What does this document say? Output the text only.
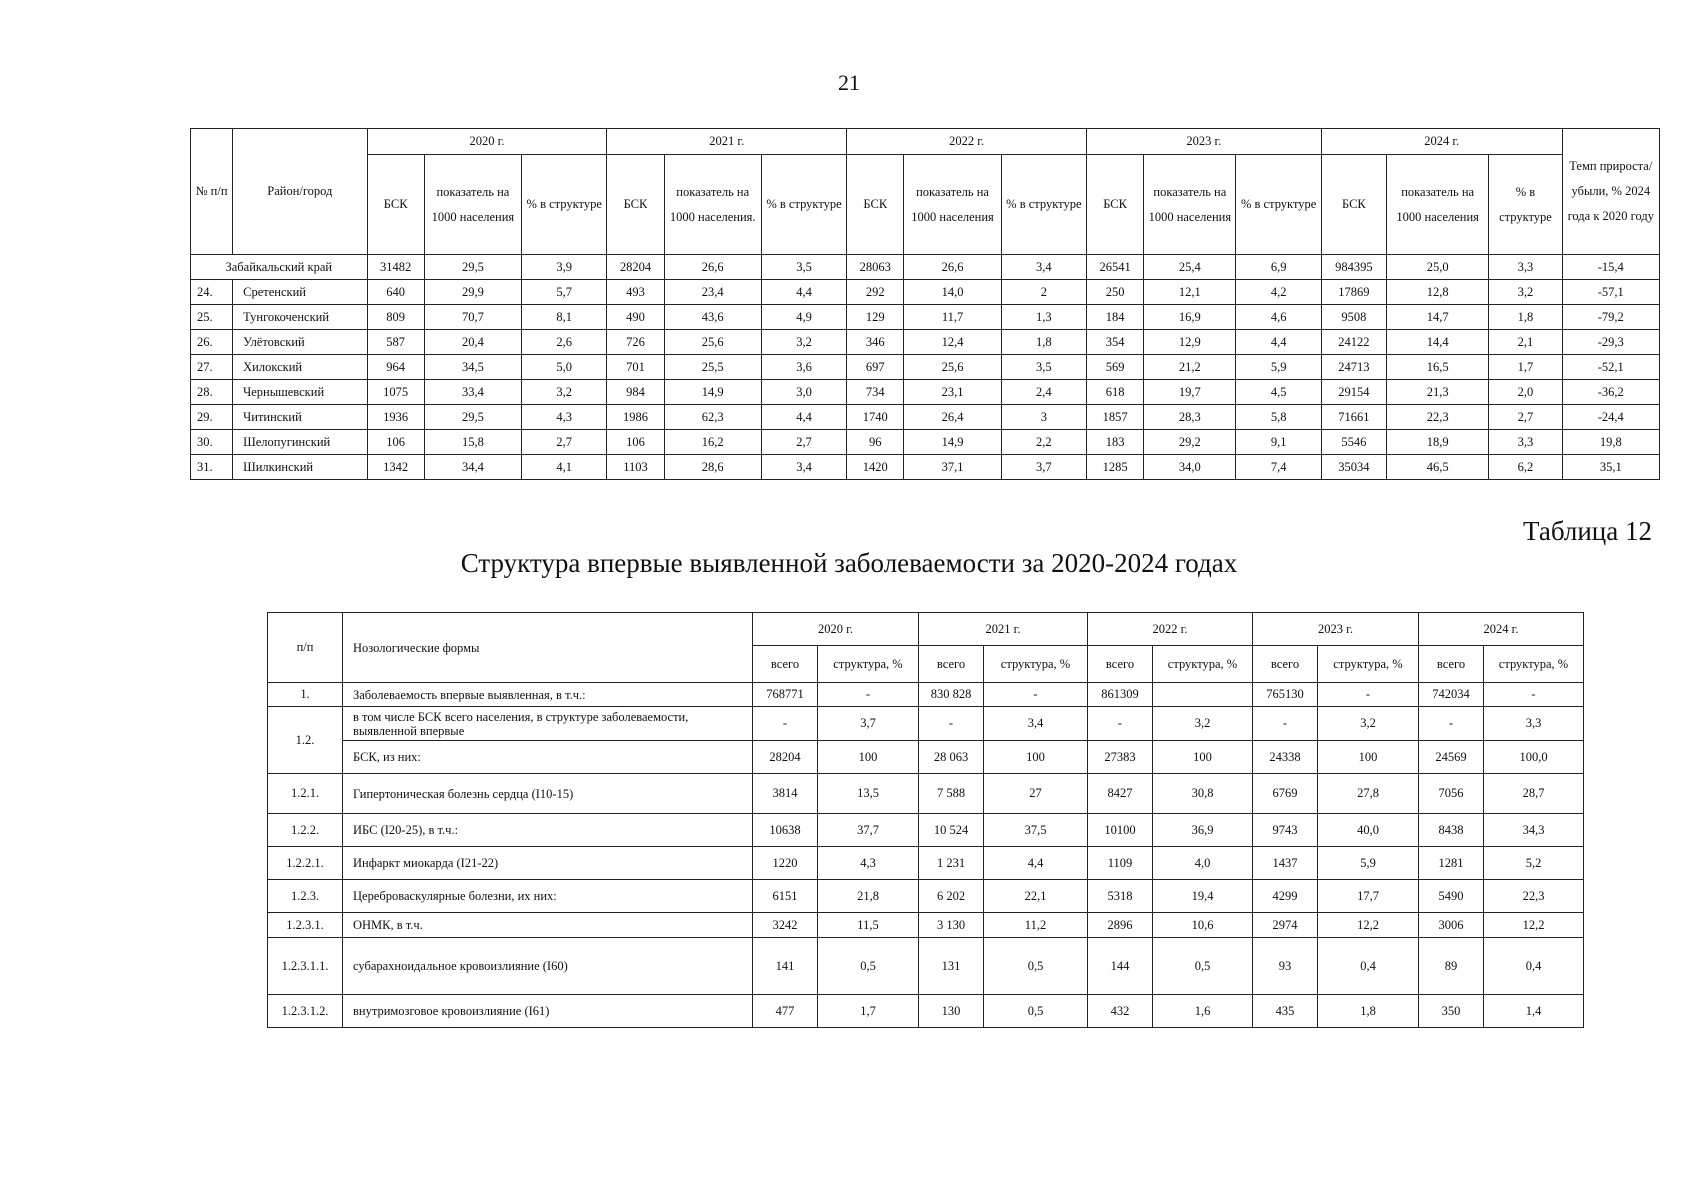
21
№ п/п	Район/город	2020 г.			2021 г.			2022 г.			2023 г.			2024 г.			Темп прироста/ убыли, % 2024 года к 2020 году
		БСК	показатель на 1000 населения	% в структуре	БСК	показатель на 1000 населения.	% в структуре	БСК	показатель на 1000 населения	% в структуре	БСК	показатель на 1000 населения	% в структуре	БСК	показатель на 1000 населения	% в структуре	
Забайкальский край		31482	29,5	3,9	28204	26,6	3,5	28063	26,6	3,4	26541	25,4	6,9	984395	25,0	3,3	-15,4
24.	Сретенский	640	29,9	5,7	493	23,4	4,4	292	14,0	2	250	12,1	4,2	17869	12,8	3,2	-57,1
25.	Тунгокоченский	809	70,7	8,1	490	43,6	4,9	129	11,7	1,3	184	16,9	4,6	9508	14,7	1,8	-79,2
26.	Улётовский	587	20,4	2,6	726	25,6	3,2	346	12,4	1,8	354	12,9	4,4	24122	14,4	2,1	-29,3
27.	Хилокский	964	34,5	5,0	701	25,5	3,6	697	25,6	3,5	569	21,2	5,9	24713	16,5	1,7	-52,1
28.	Чернышевский	1075	33,4	3,2	984	14,9	3,0	734	23,1	2,4	618	19,7	4,5	29154	21,3	2,0	-36,2
29.	Читинский	1936	29,5	4,3	1986	62,3	4,4	1740	26,4	3	1857	28,3	5,8	71661	22,3	2,7	-24,4
30.	Шелопугинский	106	15,8	2,7	106	16,2	2,7	96	14,9	2,2	183	29,2	9,1	5546	18,9	3,3	19,8
31.	Шилкинский	1342	34,4	4,1	1103	28,6	3,4	1420	37,1	3,7	1285	34,0	7,4	35034	46,5	6,2	35,1
Таблица 12
Структура впервые выявленной заболеваемости за 2020-2024 годах
п/п	Нозологические формы	2020 г.		2021 г.		2022 г.		2023 г.		2024 г.	
		всего	структура, %	всего	структура, %	всего	структура, %	всего	структура, %	всего	структура, %
1.	Заболеваемость впервые выявленная, в т.ч.:	768771	-	830 828	-	861309		765130	-	742034	-
1.2.	в том числе БСК всего населения, в структуре заболеваемости, выявленной впервые	-	3,7	-	3,4	-	3,2	-	3,2	-	3,3
	БСК, из них:	28204	100	28 063	100	27383	100	24338	100	24569	100,0
1.2.1.	Гипертоническая болезнь сердца (I10-15)	3814	13,5	7 588	27	8427	30,8	6769	27,8	7056	28,7
1.2.2.	ИБС (I20-25), в т.ч.:	10638	37,7	10 524	37,5	10100	36,9	9743	40,0	8438	34,3
1.2.2.1.	Инфаркт миокарда (I21-22)	1220	4,3	1 231	4,4	1109	4,0	1437	5,9	1281	5,2
1.2.3.	Цереброваскулярные болезни, их них:	6151	21,8	6 202	22,1	5318	19,4	4299	17,7	5490	22,3
1.2.3.1.	ОНМК, в т.ч.	3242	11,5	3 130	11,2	2896	10,6	2974	12,2	3006	12,2
1.2.3.1.1.	субарахноидальное кровоизлияние (I60)	141	0,5	131	0,5	144	0,5	93	0,4	89	0,4
1.2.3.1.2.	внутримозговое кровоизлияние (I61)	477	1,7	130	0,5	432	1,6	435	1,8	350	1,4
